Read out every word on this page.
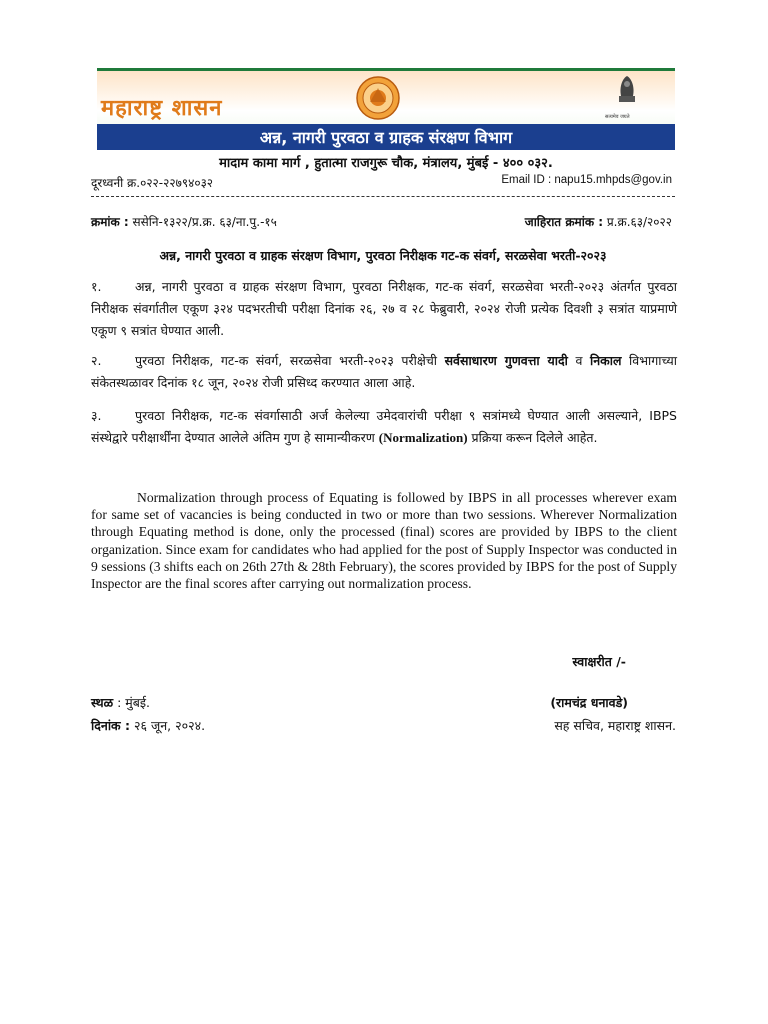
महाराष्ट्र शासन	सत्यमेव जयते
अन्न, नागरी पुरवठा व ग्राहक संरक्षण विभाग
मादाम कामा मार्ग , हुतात्मा राजगुरू चौक, मंत्रालय, मुंबई - ४०० ०३२.
दूरध्वनी क्र.०२२-२२७९४०३२	Email ID : napu15.mhpds@gov.in
क्रमांक : ससेनि-१३२२/प्र.क्र. ६३/ना.पु.-१५	जाहिरात क्रमांक : प्र.क्र.६३/२०२२
अन्न, नागरी पुरवठा व ग्राहक संरक्षण विभाग, पुरवठा निरीक्षक गट-क संवर्ग, सरळसेवा भरती-२०२३
१.	अन्न, नागरी पुरवठा व ग्राहक संरक्षण विभाग, पुरवठा निरीक्षक, गट-क संवर्ग, सरळसेवा भरती-२०२३ अंतर्गत पुरवठा निरीक्षक संवर्गातील एकूण ३२४ पदभरतीची परीक्षा दिनांक २६, २७ व २८ फेब्रुवारी, २०२४ रोजी प्रत्येक दिवशी ३ सत्रांत याप्रमाणे एकूण ९ सत्रांत घेण्यात आली.
२.	पुरवठा निरीक्षक, गट-क संवर्ग, सरळसेवा भरती-२०२३ परीक्षेची सर्वसाधारण गुणवत्ता यादी व निकाल विभागाच्या संकेतस्थळावर दिनांक १८ जून, २०२४ रोजी प्रसिध्द करण्यात आला आहे.
३.	पुरवठा निरीक्षक, गट-क संवर्गासाठी अर्ज केलेल्या उमेदवारांची परीक्षा ९ सत्रांमध्ये घेण्यात आली असल्याने, IBPS संस्थेद्वारे परीक्षार्थींना देण्यात आलेले अंतिम गुण हे सामान्यीकरण (Normalization) प्रक्रिया करून दिलेले आहेत.
Normalization through process of Equating is followed by IBPS in all processes wherever exam for same set of vacancies is being conducted in two or more than two sessions. Wherever Normalization through Equating method is done, only the processed (final) scores are provided by IBPS to the client organization. Since exam for candidates who had applied for the post of Supply Inspector was conducted in 9 sessions (3 shifts each on 26th 27th & 28th February), the scores provided by IBPS for the post of Supply Inspector are the final scores after carrying out normalization process.
स्वाक्षरीत /-
स्थळ : मुंबई.
दिनांक : २६ जून, २०२४.
(रामचंद्र धनावडे)
सह सचिव, महाराष्ट्र शासन.
